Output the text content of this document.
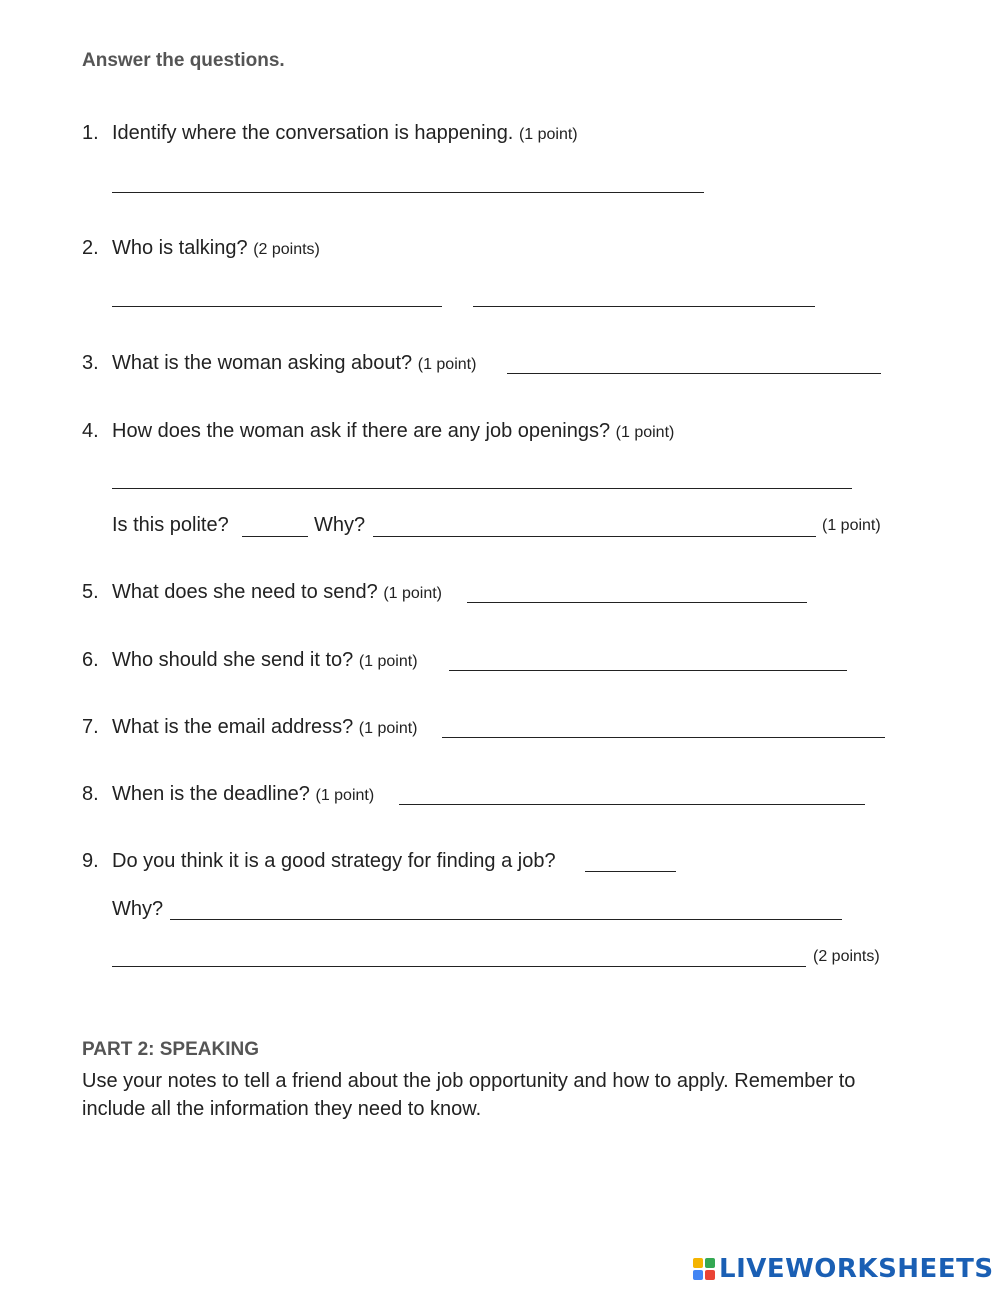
Answer the questions.
1. Identify where the conversation is happening. (1 point)
2. Who is talking? (2 points)
3. What is the woman asking about? (1 point)
4. How does the woman ask if there are any job openings? (1 point)
Is this polite?	Why?	(1 point)
5. What does she need to send? (1 point)
6. Who should she send it to? (1 point)
7. What is the email address? (1 point)
8. When is the deadline? (1 point)
9. Do you think it is a good strategy for finding a job?
Why?
(2 points)
PART 2: SPEAKING
Use your notes to tell a friend about the job opportunity and how to apply. Remember to include all the information they need to know.
LIVEWORKSHEETS
